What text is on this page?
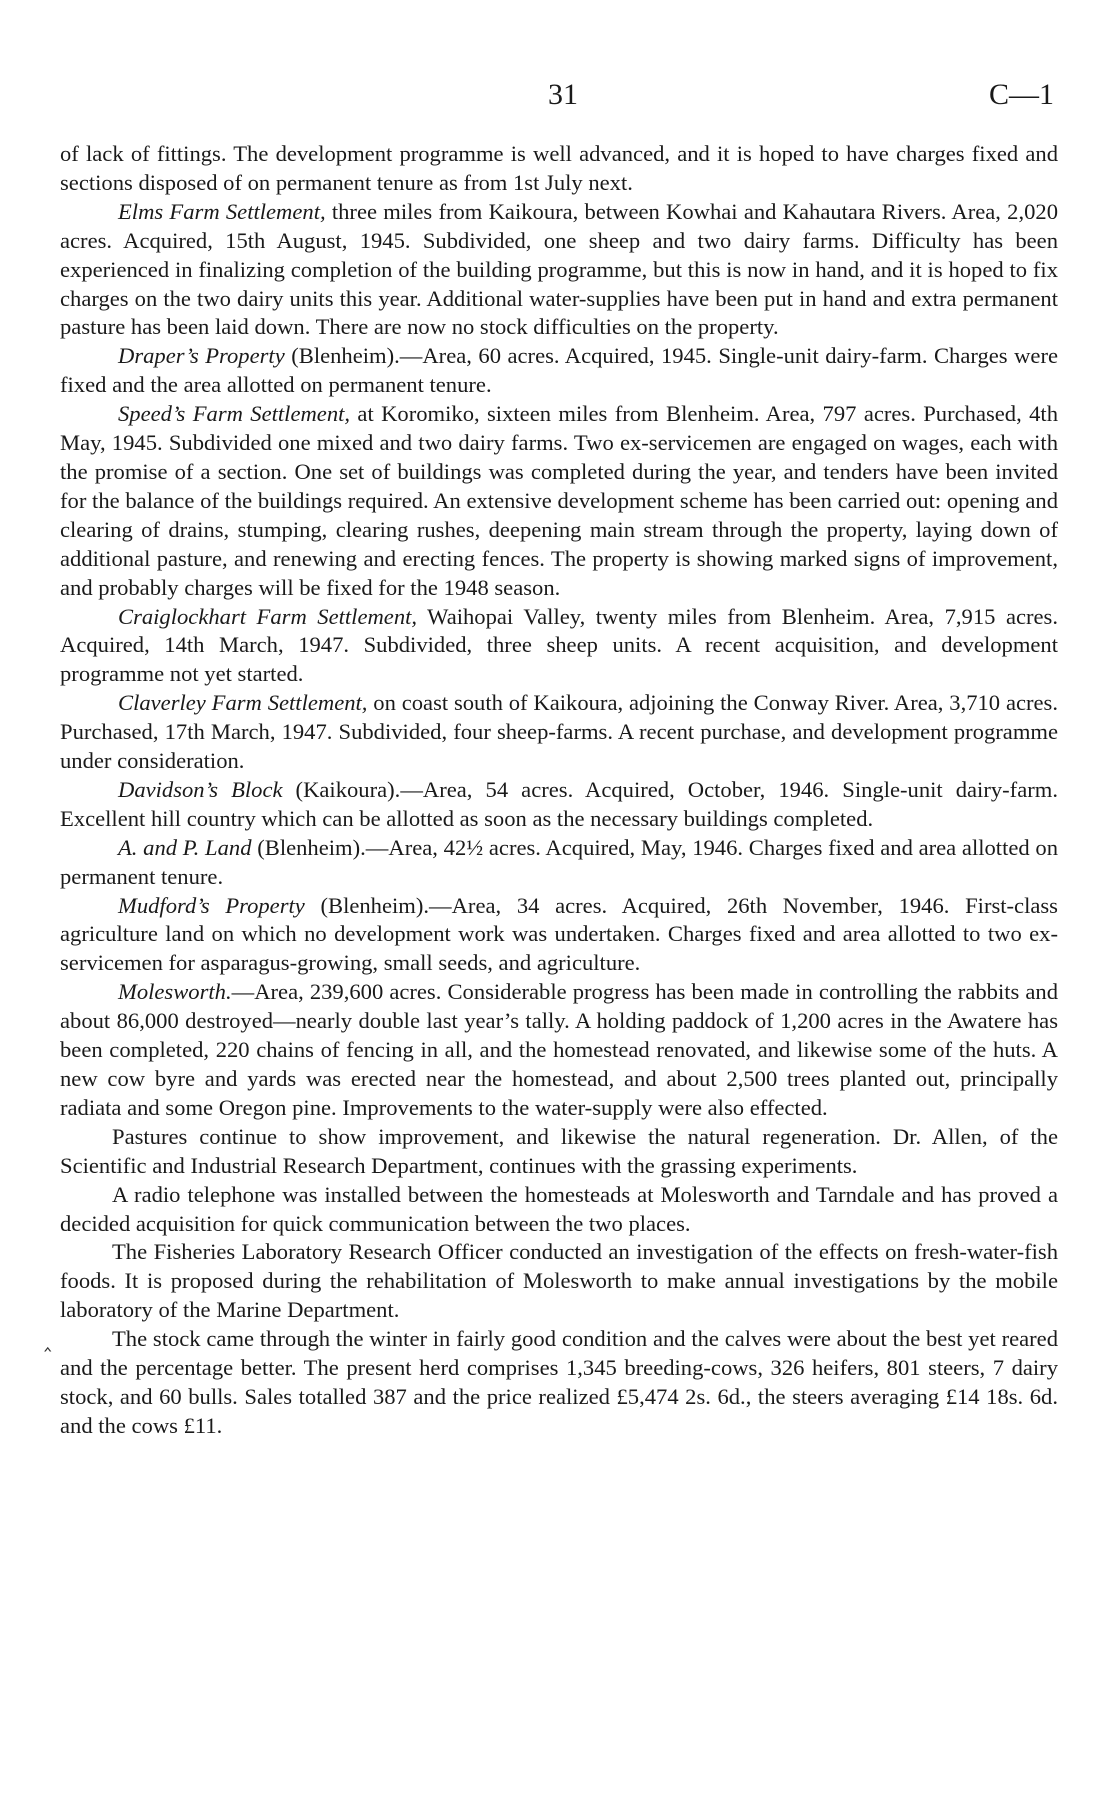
31	C—1

of lack of fittings. The development programme is well advanced, and it is hoped to have charges fixed and sections disposed of on permanent tenure as from 1st July next.

Elms Farm Settlement, three miles from Kaikoura, between Kowhai and Kahautara Rivers. Area, 2,020 acres. Acquired, 15th August, 1945. Subdivided, one sheep and two dairy farms. Difficulty has been experienced in finalizing completion of the building programme, but this is now in hand, and it is hoped to fix charges on the two dairy units this year. Additional water-supplies have been put in hand and extra permanent pasture has been laid down. There are now no stock difficulties on the property.

Draper’s Property (Blenheim).—Area, 60 acres. Acquired, 1945. Single-unit dairy-farm. Charges were fixed and the area allotted on permanent tenure.

Speed’s Farm Settlement, at Koromiko, sixteen miles from Blenheim. Area, 797 acres. Purchased, 4th May, 1945. Subdivided one mixed and two dairy farms. Two ex-servicemen are engaged on wages, each with the promise of a section. One set of buildings was completed during the year, and tenders have been invited for the balance of the buildings required. An extensive development scheme has been carried out: opening and clearing of drains, stumping, clearing rushes, deepening main stream through the property, laying down of additional pasture, and renewing and erecting fences. The property is showing marked signs of improvement, and probably charges will be fixed for the 1948 season.

Craiglockhart Farm Settlement, Waihopai Valley, twenty miles from Blenheim. Area, 7,915 acres. Acquired, 14th March, 1947. Subdivided, three sheep units. A recent acquisition, and development programme not yet started.

Claverley Farm Settlement, on coast south of Kaikoura, adjoining the Conway River. Area, 3,710 acres. Purchased, 17th March, 1947. Subdivided, four sheep-farms. A recent purchase, and development programme under consideration.

Davidson’s Block (Kaikoura).—Area, 54 acres. Acquired, October, 1946. Single-unit dairy-farm. Excellent hill country which can be allotted as soon as the necessary buildings completed.

A. and P. Land (Blenheim).—Area, 42½ acres. Acquired, May, 1946. Charges fixed and area allotted on permanent tenure.

Mudford’s Property (Blenheim).—Area, 34 acres. Acquired, 26th November, 1946. First-class agriculture land on which no development work was undertaken. Charges fixed and area allotted to two ex-servicemen for asparagus-growing, small seeds, and agriculture.

Molesworth.—Area, 239,600 acres. Considerable progress has been made in controlling the rabbits and about 86,000 destroyed—nearly double last year’s tally. A holding paddock of 1,200 acres in the Awatere has been completed, 220 chains of fencing in all, and the homestead renovated, and likewise some of the huts. A new cow byre and yards was erected near the homestead, and about 2,500 trees planted out, principally radiata and some Oregon pine. Improvements to the water-supply were also effected.

Pastures continue to show improvement, and likewise the natural regeneration. Dr. Allen, of the Scientific and Industrial Research Department, continues with the grassing experiments.

A radio telephone was installed between the homesteads at Molesworth and Tarndale and has proved a decided acquisition for quick communication between the two places.

The Fisheries Laboratory Research Officer conducted an investigation of the effects on fresh-water-fish foods. It is proposed during the rehabilitation of Molesworth to make annual investigations by the mobile laboratory of the Marine Department.

The stock came through the winter in fairly good condition and the calves were about the best yet reared and the percentage better. The present herd comprises 1,345 breeding-cows, 326 heifers, 801 steers, 7 dairy stock, and 60 bulls. Sales totalled 387 and the price realized £5,474 2s. 6d., the steers averaging £14 18s. 6d. and the cows £11.

‸
